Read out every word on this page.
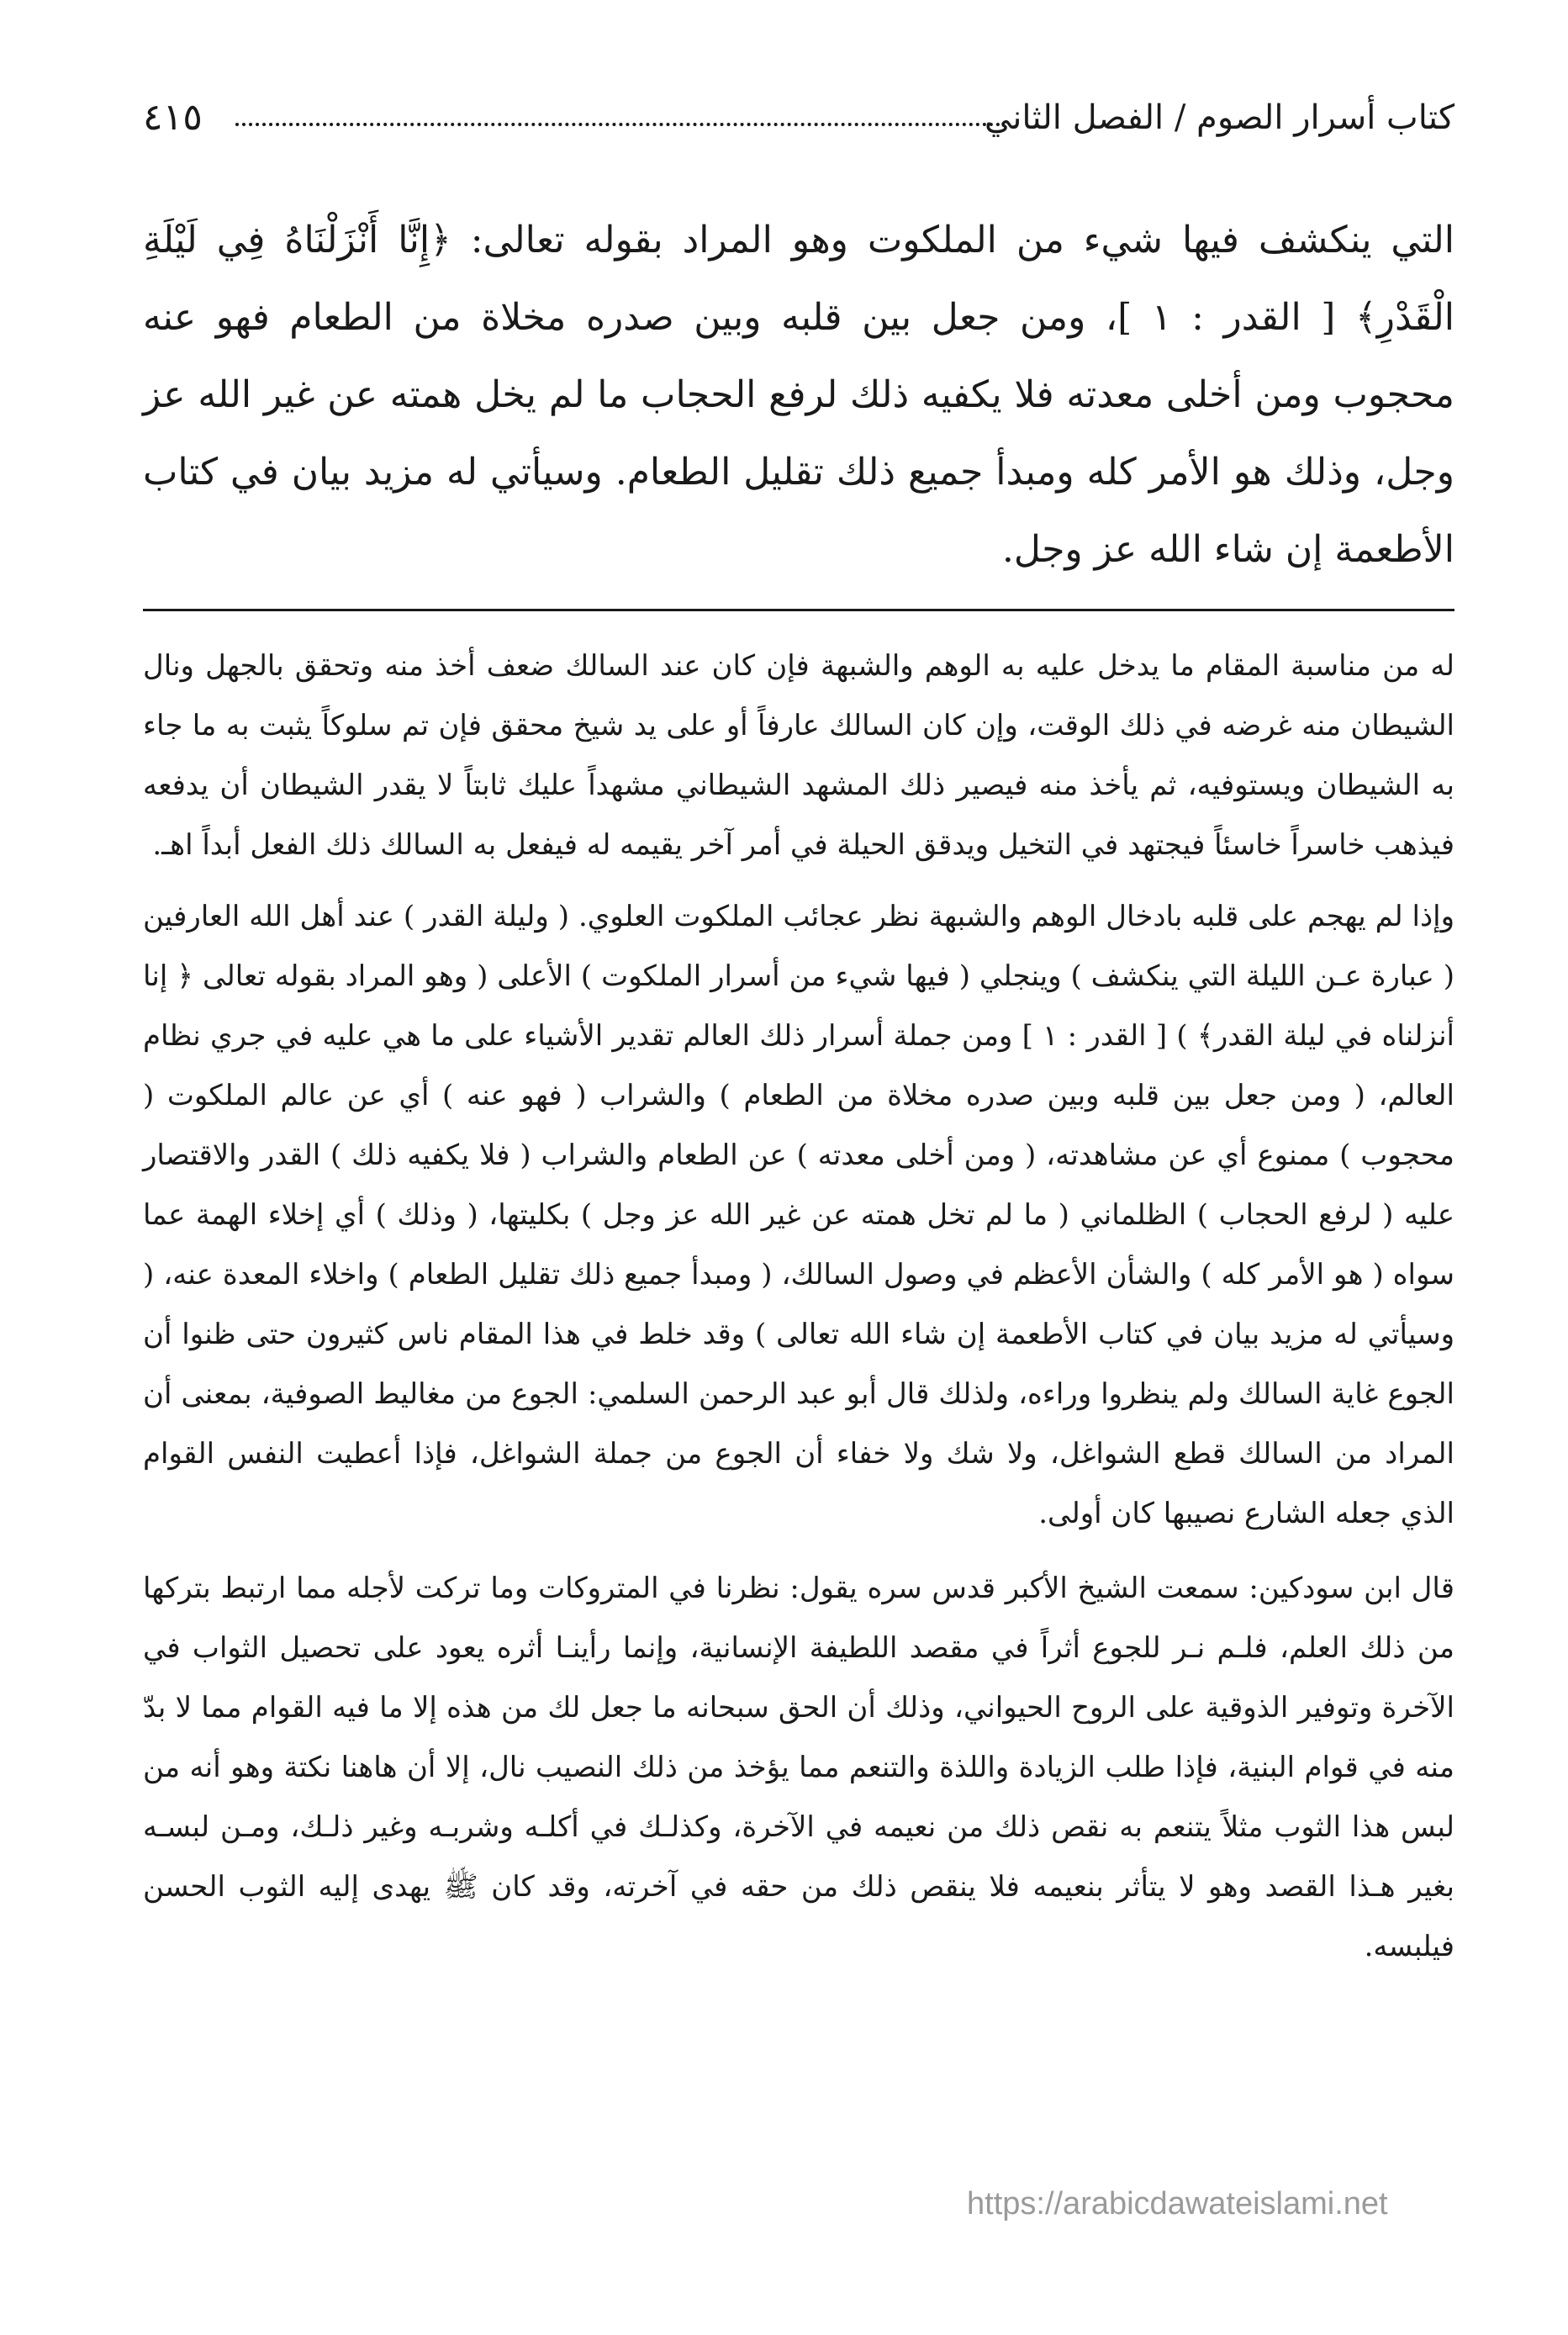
كتاب أسرار الصوم / الفصل الثاني
٤١٥
التي ينكشف فيها شيء من الملكوت وهو المراد بقوله تعالى: ﴿إِنَّا أَنْزَلْنَاهُ فِي لَيْلَةِ الْقَدْرِ﴾ [ القدر : ١ ]، ومن جعل بين قلبه وبين صدره مخلاة من الطعام فهو عنه محجوب ومن أخلى معدته فلا يكفيه ذلك لرفع الحجاب ما لم يخل همته عن غير الله عز وجل، وذلك هو الأمر كله ومبدأ جميع ذلك تقليل الطعام. وسيأتي له مزيد بيان في كتاب الأطعمة إن شاء الله عز وجل.

له من مناسبة المقام ما يدخل عليه به الوهم والشبهة فإن كان عند السالك ضعف أخذ منه وتحقق بالجهل ونال الشيطان منه غرضه في ذلك الوقت، وإن كان السالك عارفاً أو على يد شيخ محقق فإن تم سلوكاً يثبت به ما جاء به الشيطان ويستوفيه، ثم يأخذ منه فيصير ذلك المشهد الشيطاني مشهداً عليك ثابتاً لا يقدر الشيطان أن يدفعه فيذهب خاسراً خاسئاً فيجتهد في التخيل ويدقق الحيلة في أمر آخر يقيمه له فيفعل به السالك ذلك الفعل أبداً اهـ.

وإذا لم يهجم على قلبه بادخال الوهم والشبهة نظر عجائب الملكوت العلوي. ( وليلة القدر ) عند أهل الله العارفين ( عبارة عـن الليلة التي ينكشف ) وينجلي ( فيها شيء من أسرار الملكوت ) الأعلى ( وهو المراد بقوله تعالى ﴿ إنا أنزلناه في ليلة القدر﴾ ) [ القدر : ١ ] ومن جملة أسرار ذلك العالم تقدير الأشياء على ما هي عليه في جري نظام العالم، ( ومن جعل بين قلبه وبين صدره مخلاة من الطعام ) والشراب ( فهو عنه ) أي عن عالم الملكوت ( محجوب ) ممنوع أي عن مشاهدته، ( ومن أخلى معدته ) عن الطعام والشراب ( فلا يكفيه ذلك ) القدر والاقتصار عليه ( لرفع الحجاب ) الظلماني ( ما لم تخل همته عن غير الله عز وجل ) بكليتها، ( وذلك ) أي إخلاء الهمة عما سواه ( هو الأمر كله ) والشأن الأعظم في وصول السالك، ( ومبدأ جميع ذلك تقليل الطعام ) واخلاء المعدة عنه، ( وسيأتي له مزيد بيان في كتاب الأطعمة إن شاء الله تعالى ) وقد خلط في هذا المقام ناس كثيرون حتى ظنوا أن الجوع غاية السالك ولم ينظروا وراءه، ولذلك قال أبو عبد الرحمن السلمي: الجوع من مغاليط الصوفية، بمعنى أن المراد من السالك قطع الشواغل، ولا شك ولا خفاء أن الجوع من جملة الشواغل، فإذا أعطيت النفس القوام الذي جعله الشارع نصيبها كان أولى.

قال ابن سودكين: سمعت الشيخ الأكبر قدس سره يقول: نظرنا في المتروكات وما تركت لأجله مما ارتبط بتركها من ذلك العلم، فلـم نـر للجوع أثراً في مقصد اللطيفة الإنسانية، وإنما رأينـا أثره يعود على تحصيل الثواب في الآخرة وتوفير الذوقية على الروح الحيواني، وذلك أن الحق سبحانه ما جعل لك من هذه إلا ما فيه القوام مما لا بدّ منه في قوام البنية، فإذا طلب الزيادة واللذة والتنعم مما يؤخذ من ذلك النصيب نال، إلا أن هاهنا نكتة وهو أنه من لبس هذا الثوب مثلاً يتنعم به نقص ذلك من نعيمه في الآخرة، وكذلـك في أكلـه وشربـه وغير ذلـك، ومـن لبسـه بغير هـذا القصد وهو لا يتأثر بنعيمه فلا ينقص ذلك من حقه في آخرته، وقد كان ﷺ يهدى إليه الثوب الحسن فيلبسه.

https://arabicdawateislami.net
